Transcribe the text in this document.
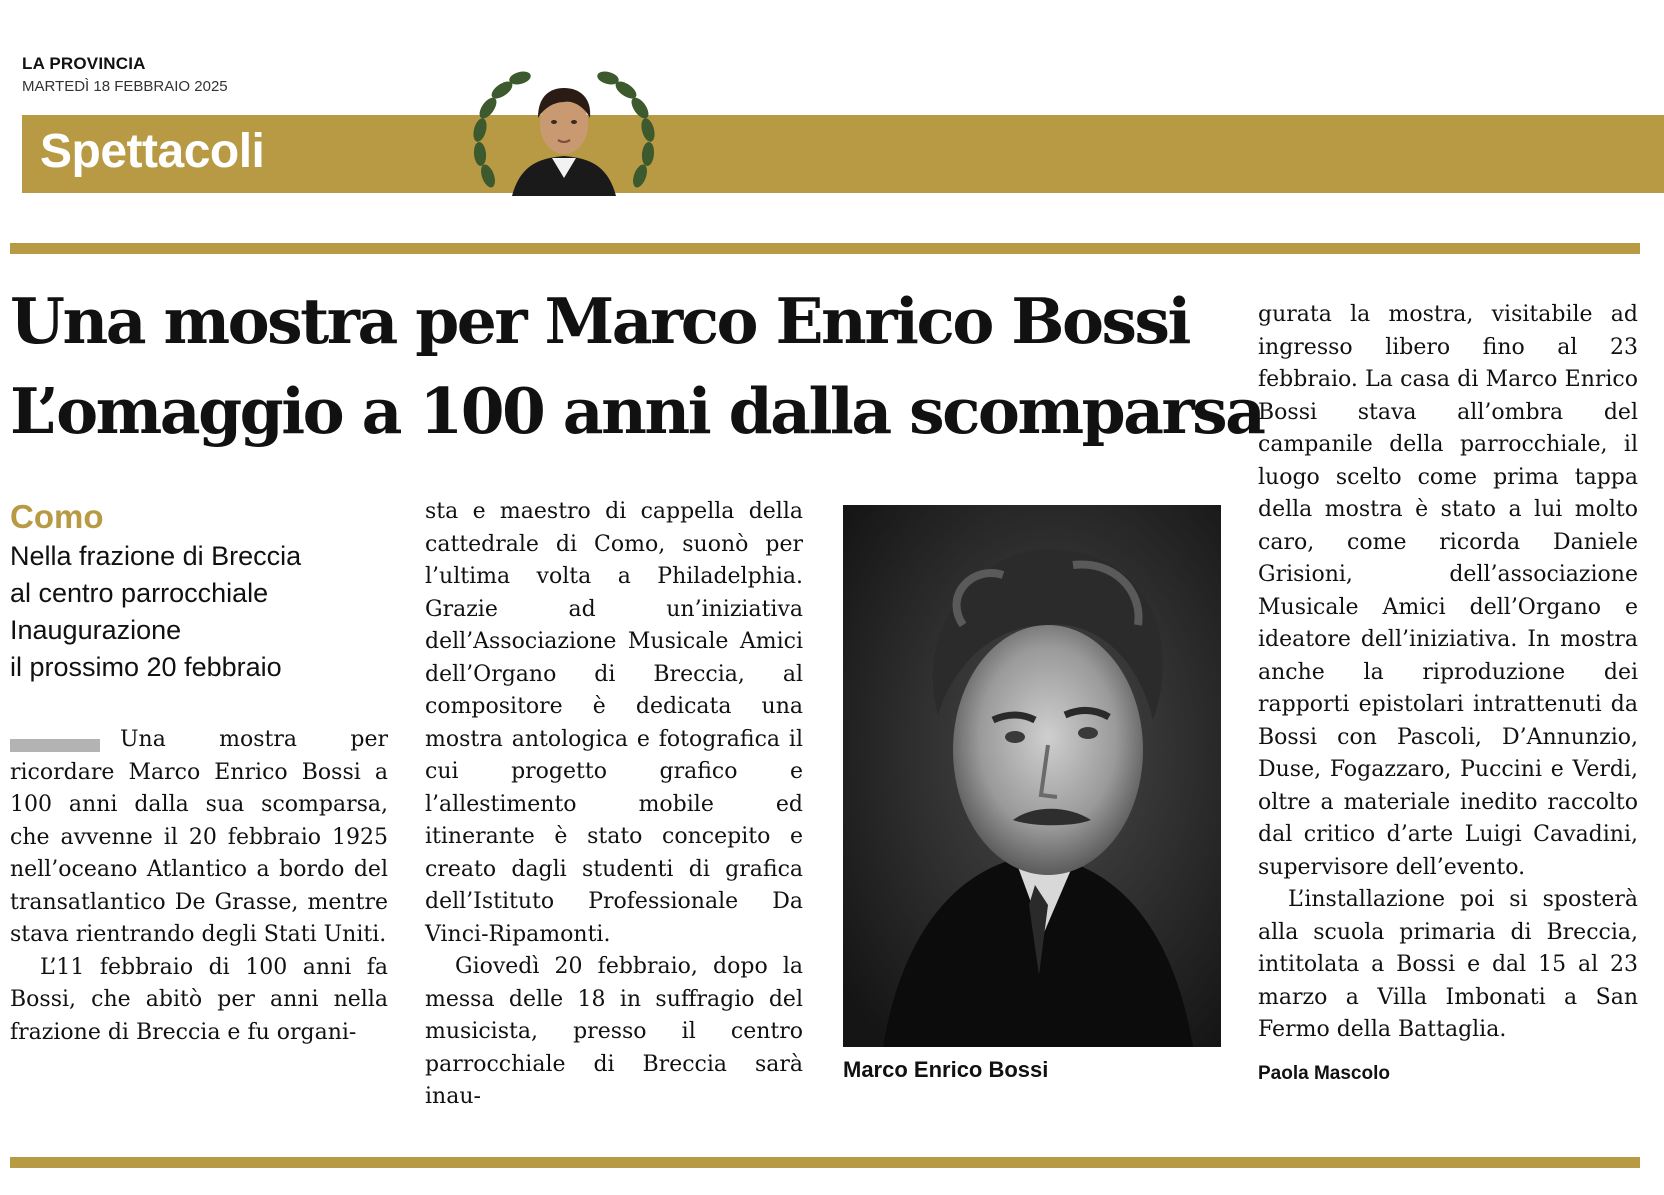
LA PROVINCIA
MARTEDÌ 18 FEBBRAIO 2025
Spettacoli
Una mostra per Marco Enrico Bossi
L’omaggio a 100 anni dalla scomparsa
Como
Nella frazione di Breccia
al centro parrocchiale
Inaugurazione
il prossimo 20 febbraio

Una mostra per ricordare Marco Enrico Bossi a 100 anni dalla sua scomparsa, che avvenne il 20 febbraio 1925 nell’oceano Atlantico a bordo del transatlantico De Grasse, mentre stava rientrando degli Stati Uniti.

L’11 febbraio di 100 anni fa Bossi, che abitò per anni nella frazione di Breccia e fu organi-

sta e maestro di cappella della cattedrale di Como, suonò per l’ultima volta a Philadelphia. Grazie ad un’iniziativa dell’Associazione Musicale Amici dell’Organo di Breccia, al compositore è dedicata una mostra antologica e fotografica il cui progetto grafico e l’allestimento mobile ed itinerante è stato concepito e creato dagli studenti di grafica dell’Istituto Professionale Da Vinci-Ripamonti.

Giovedì 20 febbraio, dopo la messa delle 18 in suffragio del musicista, presso il centro parrocchiale di Breccia sarà inau-

Marco Enrico Bossi

gurata la mostra, visitabile ad ingresso libero fino al 23 febbraio. La casa di Marco Enrico Bossi stava all’ombra del campanile della parrocchiale, il luogo scelto come prima tappa della mostra è stato a lui molto caro, come ricorda Daniele Grisioni, dell’associazione Musicale Amici dell’Organo e ideatore dell’iniziativa. In mostra anche la riproduzione dei rapporti epistolari intrattenuti da Bossi con Pascoli, D’Annunzio, Duse, Fogazzaro, Puccini e Verdi, oltre a materiale inedito raccolto dal critico d’arte Luigi Cavadini, supervisore dell’evento.

L’installazione poi si sposterà alla scuola primaria di Breccia, intitolata a Bossi e dal 15 al 23 marzo a Villa Imbonati a San Fermo della Battaglia.

Paola Mascolo
